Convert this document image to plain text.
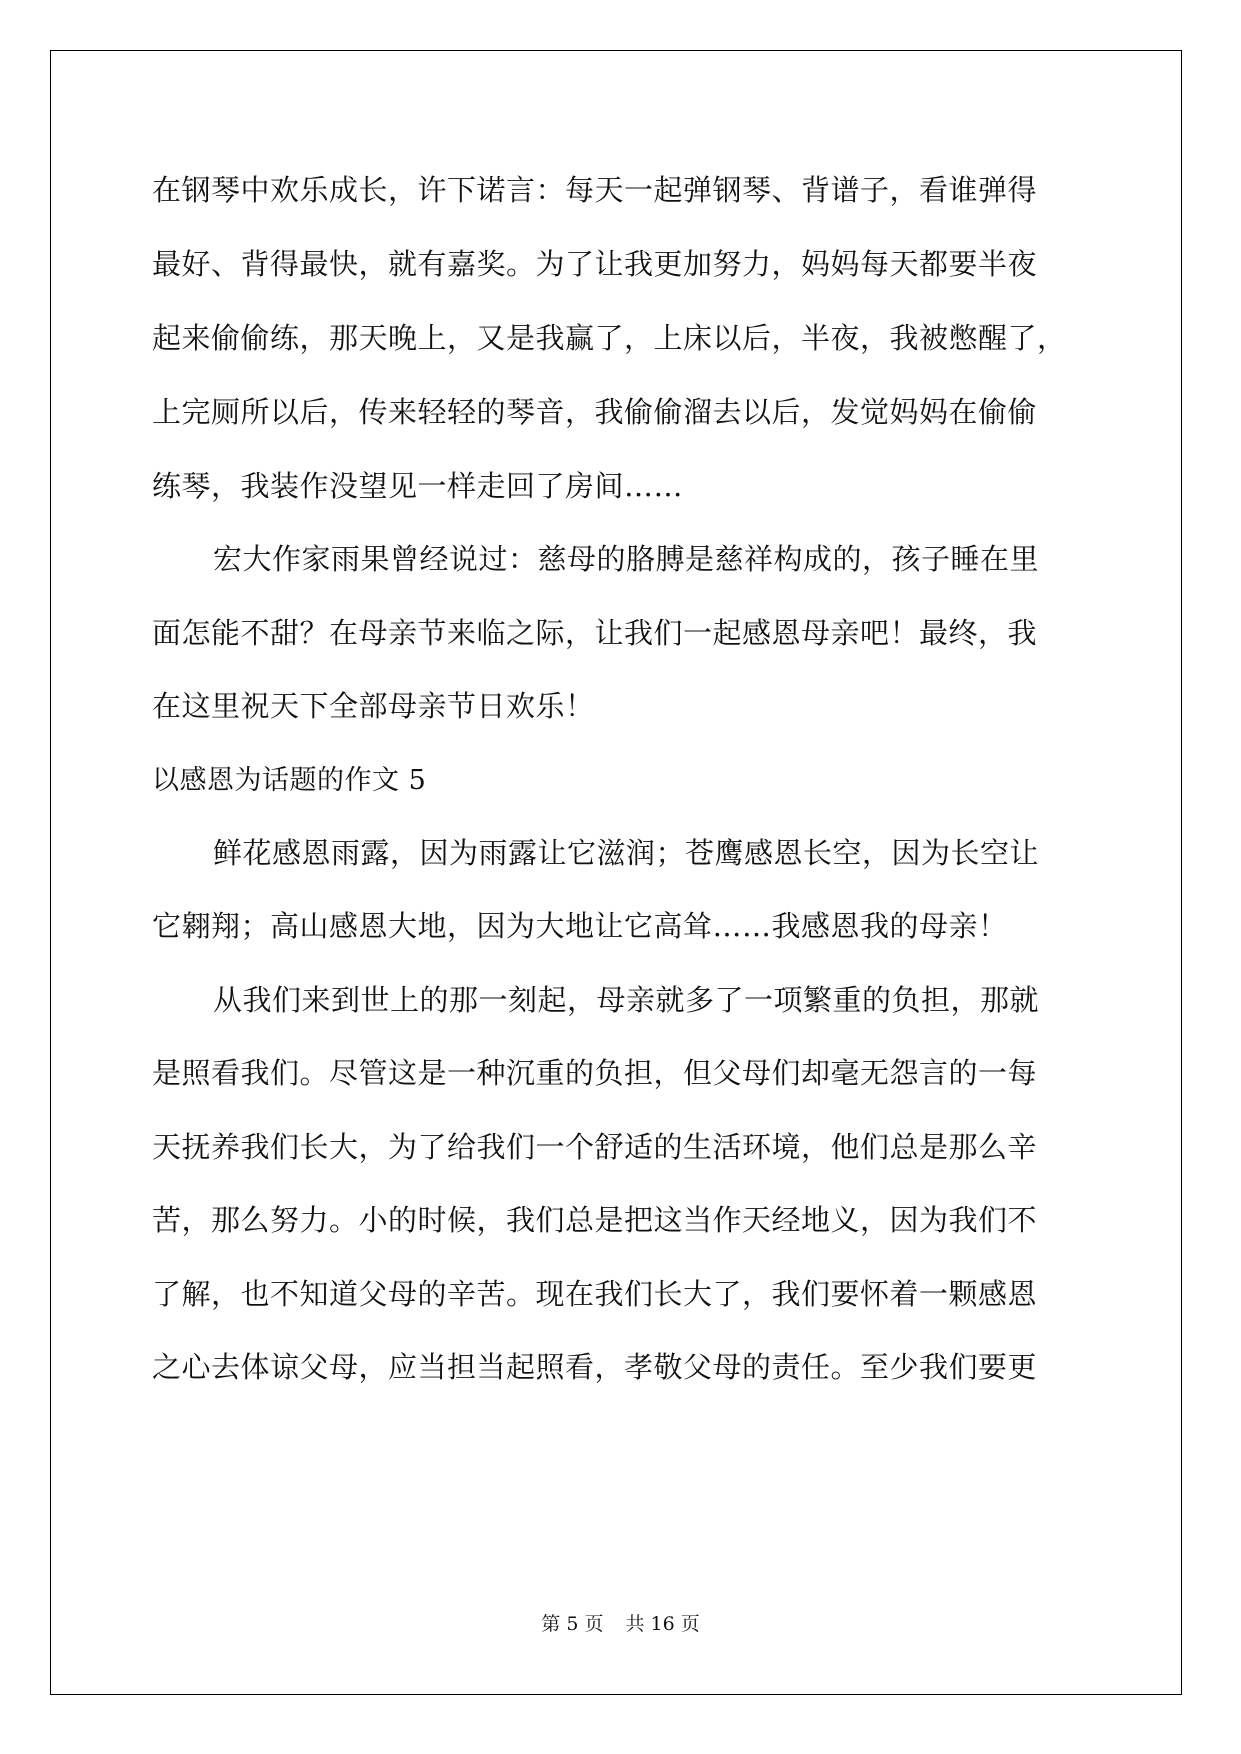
在钢琴中欢乐成长，许下诺言：每天一起弹钢琴、背谱子，看谁弹得
最好、背得最快，就有嘉奖。为了让我更加努力，妈妈每天都要半夜
起来偷偷练，那天晚上，又是我赢了，上床以后，半夜，我被憋醒了，
上完厕所以后，传来轻轻的琴音，我偷偷溜去以后，发觉妈妈在偷偷
练琴，我装作没望见一样走回了房间……
宏大作家雨果曾经说过：慈母的胳膊是慈祥构成的，孩子睡在里
面怎能不甜？在母亲节来临之际，让我们一起感恩母亲吧！最终，我
在这里祝天下全部母亲节日欢乐！
以感恩为话题的作文 5
鲜花感恩雨露，因为雨露让它滋润；苍鹰感恩长空，因为长空让
它翱翔；高山感恩大地，因为大地让它高耸……我感恩我的母亲！
从我们来到世上的那一刻起，母亲就多了一项繁重的负担，那就
是照看我们。尽管这是一种沉重的负担，但父母们却毫无怨言的一每
天抚养我们长大，为了给我们一个舒适的生活环境，他们总是那么辛
苦，那么努力。小的时候，我们总是把这当作天经地义，因为我们不
了解，也不知道父母的辛苦。现在我们长大了，我们要怀着一颗感恩
之心去体谅父母，应当担当起照看，孝敬父母的责任。至少我们要更
第 5 页 共 16 页
